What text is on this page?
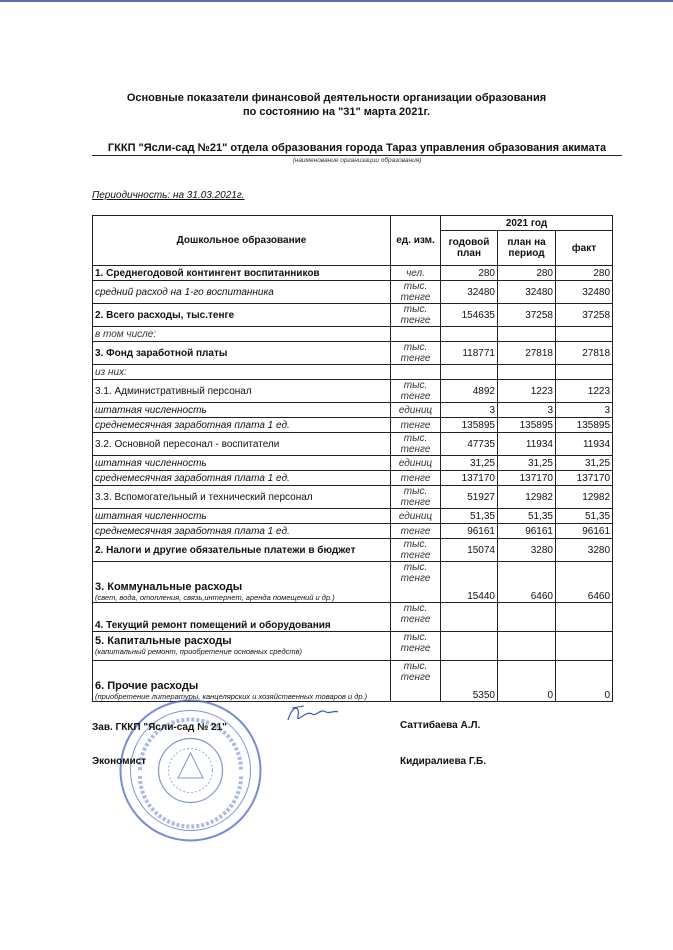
Основные показатели финансовой деятельности организации образования
по состоянию на "31" марта 2021г.
ГККП "Ясли-сад №21" отдела образования города Тараз управления образования акимата
(наименование организации образования)
Периодичность: на 31.03.2021г.
Дошкольное образование	ед. изм.	2021 год		
		годовой план	план на период	факт
1. Среднегодовой контингент воспитанников	чел.	280	280	280
средний расход на 1-го воспитанника	тыс. тенге	32480	32480	32480
2. Всего расходы, тыс.тенге	тыс. тенге	154635	37258	37258
в том числе:				
3. Фонд заработной платы	тыс. тенге	118771	27818	27818
из них:				
3.1. Административный персонал	тыс. тенге	4892	1223	1223
штатная численность	единиц	3	3	3
среднемесячная заработная плата 1 ед.	тенге	135895	135895	135895
3.2. Основной пересонал - воспитатели	тыс. тенге	47735	11934	11934
штатная численность	единиц	31,25	31,25	31,25
среднемесячная заработная плата 1 ед.	тенге	137170	137170	137170
3.3. Вспомогательный и технический персонал	тыс. тенге	51927	12982	12982
штатная численность	единиц	51,35	51,35	51,35
среднемесячная заработная плата 1 ед.	тенге	96161	96161	96161
2. Налоги и другие обязательные платежи в бюджет	тыс. тенге	15074	3280	3280

3. Коммунальные расходы
(свет, вода, отопления, связь,интернет, аренда помещений и др.)	тыс. тенге	15440	6460	6460
4. Текущий ремонт помещений и оборудования	тыс. тенге			

5. Капитальные расходы
(капитальный ремонт, приобретение основных средств)	тыс. тенге			

6. Прочие расходы
(приобретение литературы, канцелярских и хозяйственных товаров и др.)	тыс. тенге	5350	0	0
Зав. ГККП "Ясли-сад № 21"	Саттибаева А.Л.
Экономист	Кидиралиева Г.Б.
